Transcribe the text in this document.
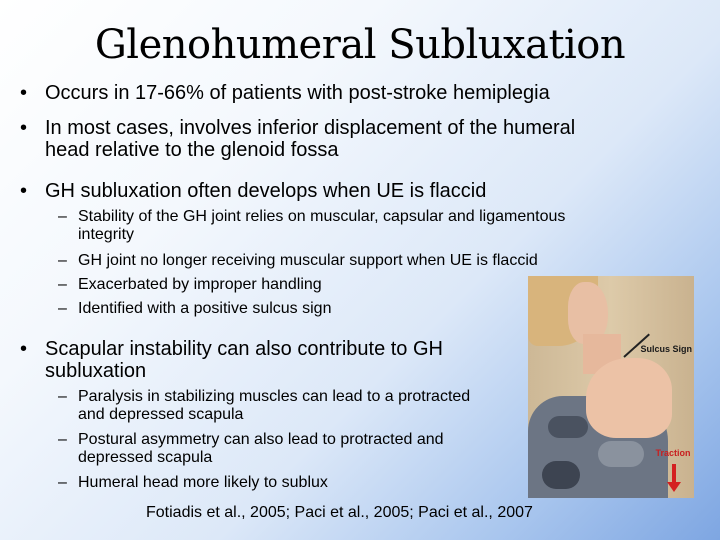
Glenohumeral Subluxation
• Occurs in 17-66% of patients with post-stroke hemiplegia
• In most cases, involves inferior displacement of the humeral head relative to the glenoid fossa
• GH subluxation often develops when UE is flaccid
– Stability of the GH joint relies on muscular, capsular and ligamentous integrity
– GH joint no longer receiving muscular support when UE is flaccid
– Exacerbated by improper handling
– Identified with a positive sulcus sign
• Scapular instability can also contribute to GH subluxation
– Paralysis in stabilizing muscles can lead to a protracted and depressed scapula
– Postural asymmetry can also lead to protracted and depressed scapula
– Humeral head more likely to sublux
Fotiadis et al., 2005; Paci et al., 2005; Paci et al., 2007
Sulcus Sign
Traction
